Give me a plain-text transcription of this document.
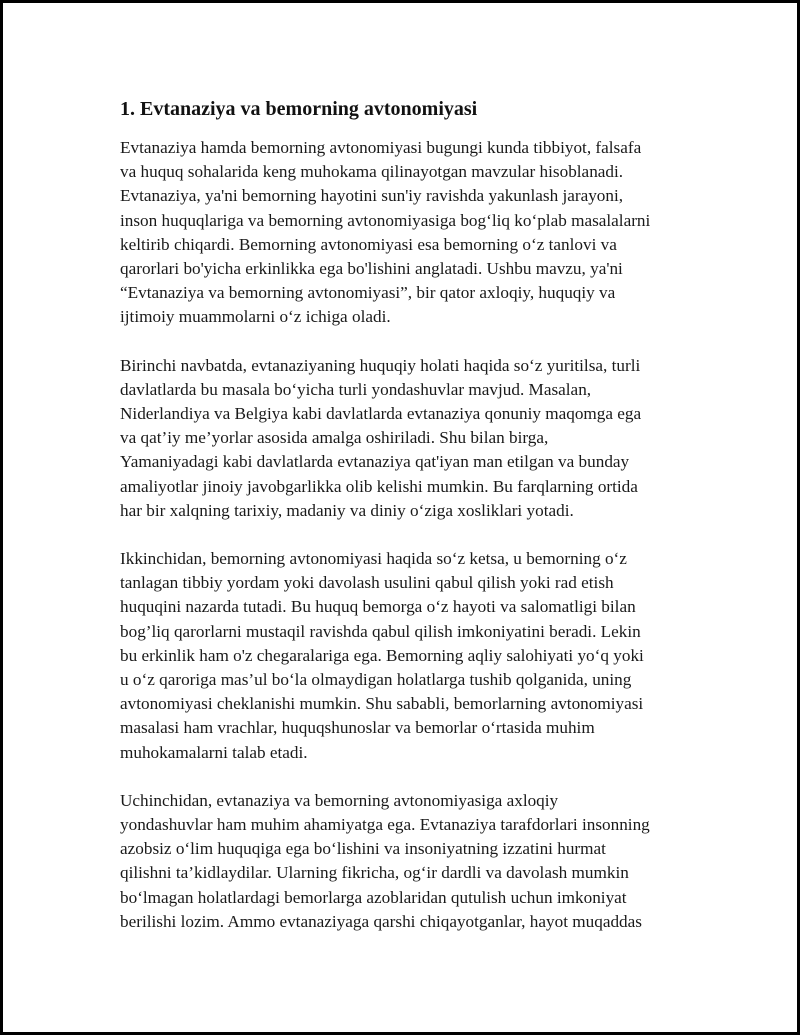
1. Evtanaziya va bemorning avtonomiyasi

Evtanaziya hamda bemorning avtonomiyasi bugungi kunda tibbiyot, falsafa
va huquq sohalarida keng muhokama qilinayotgan mavzular hisoblanadi.
Evtanaziya, ya'ni bemorning hayotini sun'iy ravishda yakunlash jarayoni,
inson huquqlariga va bemorning avtonomiyasiga bog‘liq ko‘plab masalalarni
keltirib chiqardi. Bemorning avtonomiyasi esa bemorning o‘z tanlovi va
qarorlari bo'yicha erkinlikka ega bo'lishini anglatadi. Ushbu mavzu, ya'ni
“Evtanaziya va bemorning avtonomiyasi”, bir qator axloqiy, huquqiy va
ijtimoiy muammolarni o‘z ichiga oladi.

Birinchi navbatda, evtanaziyaning huquqiy holati haqida so‘z yuritilsa, turli
davlatlarda bu masala bo‘yicha turli yondashuvlar mavjud. Masalan,
Niderlandiya va Belgiya kabi davlatlarda evtanaziya qonuniy maqomga ega
va qat’iy me’yorlar asosida amalga oshiriladi. Shu bilan birga,
Yamaniyadagi kabi davlatlarda evtanaziya qat'iyan man etilgan va bunday
amaliyotlar jinoiy javobgarlikka olib kelishi mumkin. Bu farqlarning ortida
har bir xalqning tarixiy, madaniy va diniy o‘ziga xosliklari yotadi.

Ikkinchidan, bemorning avtonomiyasi haqida so‘z ketsa, u bemorning o‘z
tanlagan tibbiy yordam yoki davolash usulini qabul qilish yoki rad etish
huquqini nazarda tutadi. Bu huquq bemorga o‘z hayoti va salomatligi bilan
bog’liq qarorlarni mustaqil ravishda qabul qilish imkoniyatini beradi. Lekin
bu erkinlik ham o'z chegaralariga ega. Bemorning aqliy salohiyati yo‘q yoki
u o‘z qaroriga mas’ul bo‘la olmaydigan holatlarga tushib qolganida, uning
avtonomiyasi cheklanishi mumkin. Shu sababli, bemorlarning avtonomiyasi
masalasi ham vrachlar, huquqshunoslar va bemorlar o‘rtasida muhim
muhokamalarni talab etadi.

Uchinchidan, evtanaziya va bemorning avtonomiyasiga axloqiy
yondashuvlar ham muhim ahamiyatga ega. Evtanaziya tarafdorlari insonning
azobsiz o‘lim huquqiga ega bo‘lishini va insoniyatning izzatini hurmat
qilishni ta’kidlaydilar. Ularning fikricha, og‘ir dardli va davolash mumkin
bo‘lmagan holatlardagi bemorlarga azoblaridan qutulish uchun imkoniyat
berilishi lozim. Ammo evtanaziyaga qarshi chiqayotganlar, hayot muqaddas
